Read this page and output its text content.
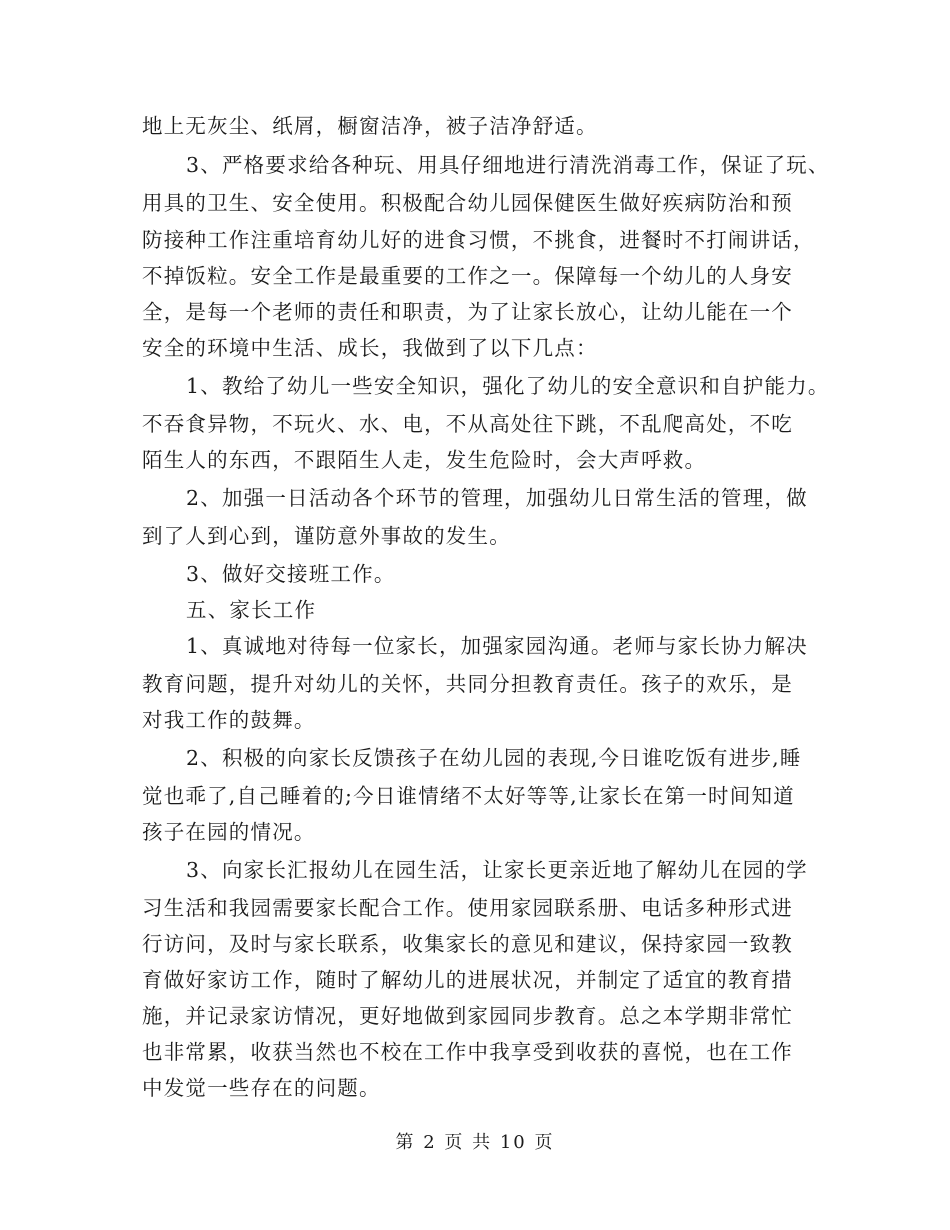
地上无灰尘、纸屑，橱窗洁净，被子洁净舒适。
3、严格要求给各种玩、用具仔细地进行清洗消毒工作，保证了玩、
用具的卫生、安全使用。积极配合幼儿园保健医生做好疾病防治和预
防接种工作注重培育幼儿好的进食习惯，不挑食，进餐时不打闹讲话，
不掉饭粒。安全工作是最重要的工作之一。保障每一个幼儿的人身安
全，是每一个老师的责任和职责，为了让家长放心，让幼儿能在一个
安全的环境中生活、成长，我做到了以下几点：
1、教给了幼儿一些安全知识，强化了幼儿的安全意识和自护能力。
不吞食异物，不玩火、水、电，不从高处往下跳，不乱爬高处，不吃
陌生人的东西，不跟陌生人走，发生危险时，会大声呼救。
2、加强一日活动各个环节的管理，加强幼儿日常生活的管理，做
到了人到心到，谨防意外事故的发生。
3、做好交接班工作。
五、家长工作
1、真诚地对待每一位家长，加强家园沟通。老师与家长协力解决
教育问题，提升对幼儿的关怀，共同分担教育责任。孩子的欢乐，是
对我工作的鼓舞。
2、积极的向家长反馈孩子在幼儿园的表现,今日谁吃饭有进步,睡
觉也乖了,自己睡着的;今日谁情绪不太好等等,让家长在第一时间知道
孩子在园的情况。
3、向家长汇报幼儿在园生活，让家长更亲近地了解幼儿在园的学
习生活和我园需要家长配合工作。使用家园联系册、电话多种形式进
行访问，及时与家长联系，收集家长的意见和建议，保持家园一致教
育做好家访工作，随时了解幼儿的进展状况，并制定了适宜的教育措
施，并记录家访情况，更好地做到家园同步教育。总之本学期非常忙
也非常累，收获当然也不校在工作中我享受到收获的喜悦，也在工作
中发觉一些存在的问题。
第 2 页 共 10 页
